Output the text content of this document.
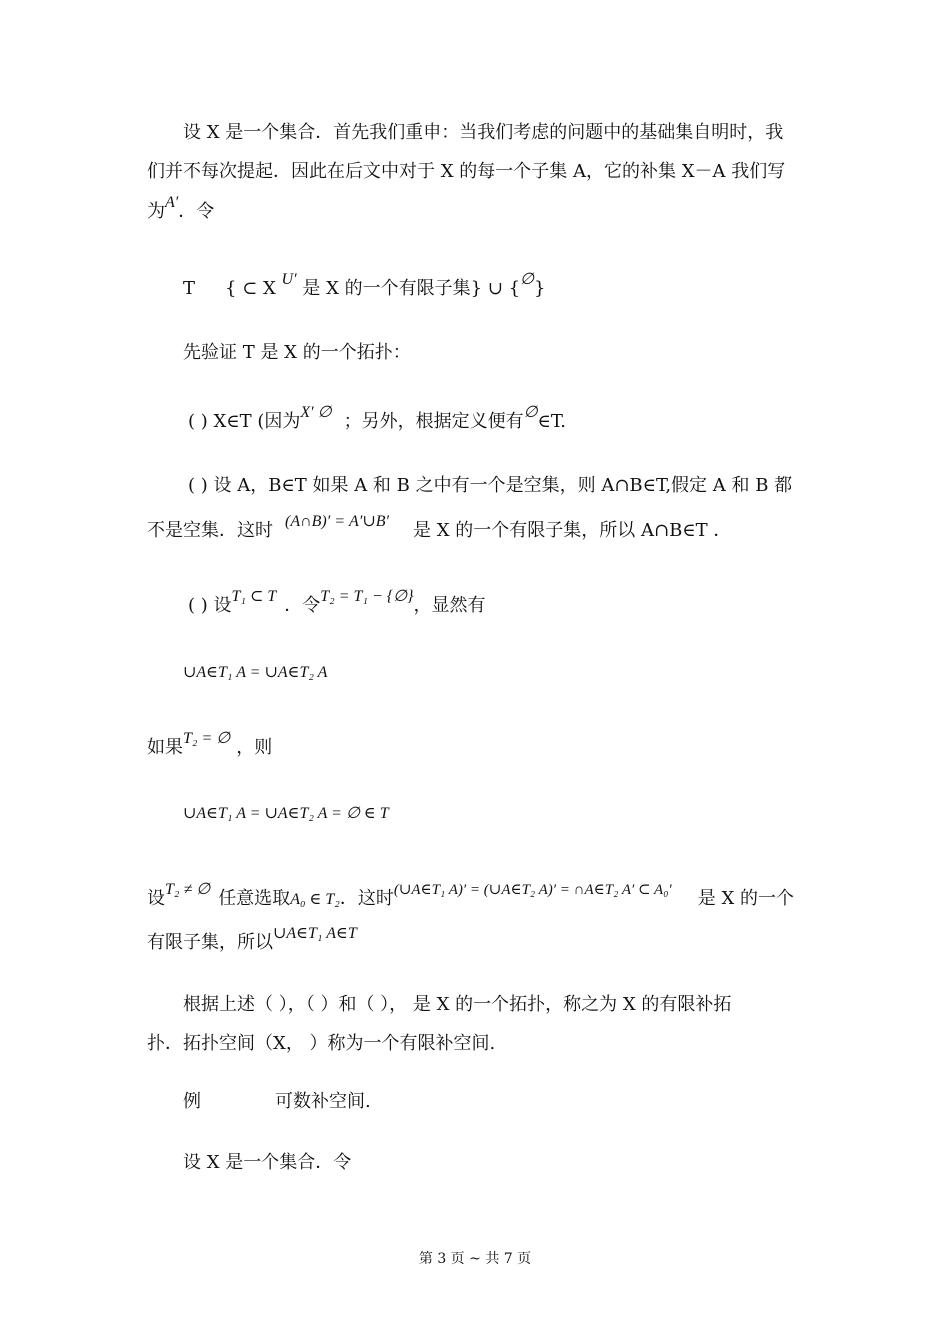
设 X 是一个集合．首先我们重申：当我们考虑的问题中的基础集自明时，我
们并不每次提起．因此在后文中对于 X 的每一个子集 A，它的补集 X－A 我们写
为A′．令
T { ⊂ X U′ 是 X 的一个有限子集} ∪ {∅}
先验证 T 是 X 的一个拓扑：
( ) X∈T (因为X′ ∅ ；另外，根据定义便有∅∈T.
( ) 设 A，B∈T 如果 A 和 B 之中有一个是空集，则 A∩B∈T,假定 A 和 B 都
不是空集．这时 (A∩B)′ = A′∪B′ 是 X 的一个有限子集，所以 A∩B∈T ．
( ) 设T₁ ⊂ T ．令T₂ = T₁ − {∅}，显然有
∪A∈T₁ A = ∪A∈T₂ A
如果T₂ = ∅ ，则
∪A∈T₁ A = ∪A∈T₂ A = ∅ ∈ T
设T₂ ≠ ∅ 任意选取A₀ ∈ T₂．这时$^{(\cup A\in T_1 A)' = (\cup A\in T_2 A)' = \cap A\in T_2 A' \subset A_0'}$ 是 X 的一个
有限子集，所以∪A∈T₁ A∈T
根据上述（ ），（ ）和（ ）， 是 X 的一个拓扑，称之为 X 的有限补拓
扑．拓扑空间（X， ）称为一个有限补空间.
例	可数补空间.
设 X 是一个集合．令
第 3 页 ~ 共 7 页
